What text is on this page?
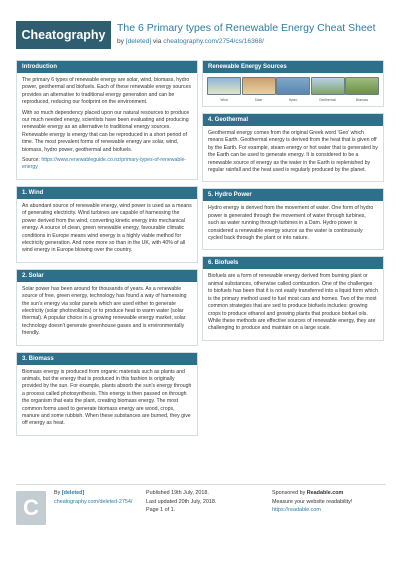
Cheatography	The 6 Primary types of Renewable Energy Cheat Sheet
by [deleted] via cheatography.com/2754/cs/16368/
Introduction

The primary 6 types of renewable energy are solar, wind, biomass, hydro power, geothermal and biofuels. Each of these renewable energy sources provides an alternative to traditional energy generation and can be reproduced, reducing our footprint on the environment.

With so much dependency placed upon our natural resources to produce our much needed energy, scientists have been evaluating and producing renewable energy as an alternative to traditional energy sources. Renewable energy is energy that can be reproduced in a short period of time. The most prevalent forms of renewable energy are solar, wind, biomass, hydro power, geothermal and biofuels.

Source: https://www.renewableguide.co.nz/primary-types-of-renewable-energy

1. Wind

An abundant source of renewable energy, wind power is used as a means of generating electricity. Wind turbines are capable of harnessing the power derived from the wind, converting kinetic energy into mechanical energy. A source of clean, green renewable energy, favourable climatic conditions in Europe means wind energy is a highly viable method for electricity generation. And none more so than in the UK, with 40% of all wind energy in Europe blowing over the country.

2. Solar

Solar power has been around for thousands of years. As a renewable source of free, green energy, technology has found a way of harnessing the sun's energy via solar panels which are used either to generate electricity (solar photovoltaics) or to produce heat to warm water (solar thermal). A popular choice in a growing renewable energy market, solar technology doesn't generate greenhouse gases and is environmentally friendly.

3. Biomass

Biomass energy is produced from organic materials such as plants and animals, but the energy that is produced in this fashion is originally provided by the sun. For example, plants absorb the sun's energy through a process called photosynthesis. This energy is then passed on through the organism that eats the plant, creating biomass energy. The most common forms used to generate biomass energy are wood, crops, manure and some rubbish. When these substances are burned, they give off energy as heat.

Renewable Energy Sources
Wind	Solar	Hydro	Geothermal	Biomass
4. Geothermal

Geothermal energy comes from the original Greek word 'Geo' which means Earth. Geothermal energy is derived from the heat that is given off by the Earth. For example, steam energy or hot water that is generated by the Earth can be used to generate energy. It is considered to be a renewable source of energy as the water in the Earth is replenished by regular rainfall and the heat used is regularly produced by the planet.

5. Hydro Power

Hydro energy is derived from the movement of water. One form of hydro power is generated through the movement of water through turbines, such as water running through turbines in a Dam. Hydro power is considered a renewable energy source as the water is continuously cycled back through the plant or into nature.

6. Biofuels

Biofuels are a form of renewable energy derived from burning plant or animal substances, otherwise called combustion. One of the challenges to biofuels has been that it is not easily transferred into a liquid form which is the primary method used to fuel most cars and homes. Two of the most common strategies that are sed to produce biofuels includes: growing crops to produce ethanol and growing plants that produce biofuel oils. While these methods are effective sources of renewable energy, they are challenging to produce and maintain on a large scale.

C
By [deleted]
cheatography.com/deleted-2754/
Published 19th July, 2018.
Last updated 20th July, 2018.
Page 1 of 1.
Sponsored by Readable.com
Measure your website readability!
https://readable.com
